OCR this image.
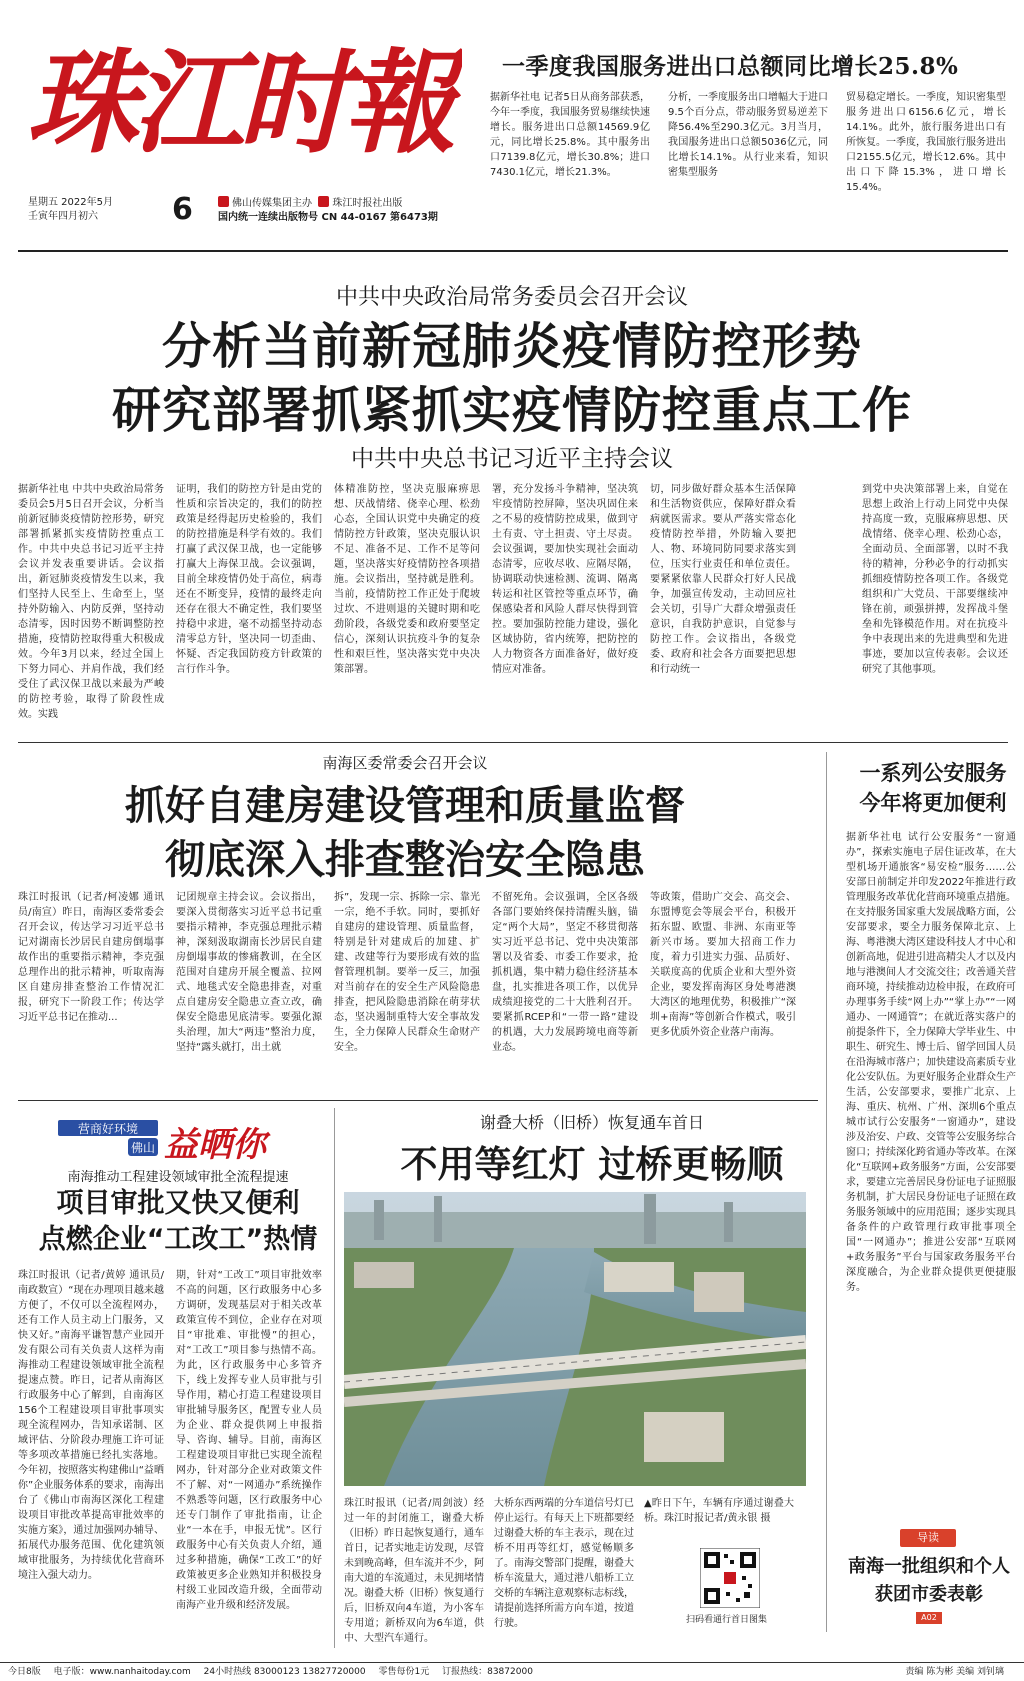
珠江时報
星期五 2022年5月
壬寅年四月初六	6	佛山传媒集团主办 珠江时报社出版
国内统一连续出版物号 CN 44-0167 第6473期
一季度我国服务进出口总额同比增长25.8%
据新华社电 记者5日从商务部获悉，今年一季度，我国服务贸易继续快速增长。服务进出口总额14569.9亿元，同比增长25.8%。其中服务出口7139.8亿元，增长30.8%；进口7430.1亿元，增长21.3%。
分析，一季度服务出口增幅大于进口9.5个百分点，带动服务贸易逆差下降56.4%至290.3亿元。3月当月，我国服务进出口总额5036亿元，同比增长14.1%。从行业来看，知识密集型服务
贸易稳定增长。一季度，知识密集型服务进出口6156.6亿元，增长14.1%。此外，旅行服务进出口有所恢复。一季度，我国旅行服务进出口2155.5亿元，增长12.6%。其中出口下降15.3%，进口增长15.4%。
中共中央政治局常务委员会召开会议
分析当前新冠肺炎疫情防控形势
研究部署抓紧抓实疫情防控重点工作
中共中央总书记习近平主持会议
据新华社电 中共中央政治局常务委员会5月5日召开会议，分析当前新冠肺炎疫情防控形势，研究部署抓紧抓实疫情防控重点工作。中共中央总书记习近平主持会议并发表重要讲话。会议指出，新冠肺炎疫情发生以来，我们坚持人民至上、生命至上，坚持外防输入、内防反弹，坚持动态清零，因时因势不断调整防控措施，疫情防控取得重大积极成效。今年3月以来，经过全国上下努力同心、并肩作战，我们经受住了武汉保卫战以来最为严峻的防控考验，取得了阶段性成效。实践
证明，我们的防控方针是由党的性质和宗旨决定的，我们的防控政策是经得起历史检验的，我们的防控措施是科学有效的。我们打赢了武汉保卫战，也一定能够打赢大上海保卫战。会议强调，目前全球疫情仍处于高位，病毒还在不断变异，疫情的最终走向还存在很大不确定性，我们要坚持稳中求进，毫不动摇坚持动态清零总方针，坚决同一切歪曲、怀疑、否定我国防疫方针政策的言行作斗争。
体精准防控，坚决克服麻痹思想、厌战情绪、侥幸心理、松劲心态，全国认识党中央确定的疫情防控方针政策，坚决克服认识不足、准备不足、工作不足等问题，坚决落实好疫情防控各项措施。会议指出，坚持就是胜利。当前，疫情防控工作正处于爬坡过坎、不进则退的关键时期和吃劲阶段，各级党委和政府要坚定信心，深刻认识抗疫斗争的复杂性和艰巨性，坚决落实党中央决策部署。
署，充分发扬斗争精神，坚决筑牢疫情防控屏障，坚决巩固住来之不易的疫情防控成果，做到守土有责、守土担责、守土尽责。会议强调，要加快实现社会面动态清零，应收尽收、应隔尽隔，协调联动快速检测、流调、隔离转运和社区管控等重点环节，确保感染者和风险人群尽快得到管控。要加强防控能力建设，强化区域协防，省内统筹，把防控的人力物资各方面准备好，做好疫情应对准备。
切，同步做好群众基本生活保障和生活物资供应，保障好群众看病就医需求。要从严落实常态化疫情防控举措，外防输入要把人、物、环境同防同要求落实到位，压实行业责任和单位责任。要紧紧依靠人民群众打好人民战争，加强宣传发动，主动回应社会关切，引导广大群众增强责任意识，自我防护意识，自觉参与防控工作。会议指出，各级党委、政府和社会各方面要把思想和行动统一
到党中央决策部署上来，自觉在思想上政治上行动上同党中央保持高度一致，克服麻痹思想、厌战情绪、侥幸心理、松劲心态，全面动员、全面部署，以时不我待的精神，分秒必争的行动抓实抓细疫情防控各项工作。各级党组织和广大党员、干部要继续冲锋在前，顽强拼搏，发挥战斗堡垒和先锋模范作用。对在抗疫斗争中表现出来的先进典型和先进事迹，要加以宣传表彰。会议还研究了其他事项。
南海区委常委会召开会议
抓好自建房建设管理和质量监督
彻底深入排查整治安全隐患
珠江时报讯（记者/柯凌娜 通讯员/南宣）昨日，南海区委常委会召开会议，传达学习习近平总书记对湖南长沙居民自建房倒塌事故作出的重要指示精神，李克强总理作出的批示精神，听取南海区自建房排查整治工作情况汇报，研究下一阶段工作；传达学习近平总书记在推动...
记团规章主持会议。会议指出，要深入贯彻落实习近平总书记重要指示精神，李克强总理批示精神，深刻汲取湖南长沙居民自建房倒塌事故的惨痛教训，在全区范围对自建房开展全覆盖、拉网式、地毯式安全隐患排查，对重点自建房安全隐患立查立改，确保安全隐患见底清零。要强化源头治理，加大“两违”整治力度，坚持“露头就打，出土就
拆”，发现一宗、拆除一宗、靠光一宗，绝不手软。同时，要抓好自建房的建设管理、质量监督，特别是针对建成后的加建、扩建、改建等行为要形成有效的监督管理机制。要举一反三，加强对当前存在的安全生产风险隐患排查，把风险隐患消除在萌芽状态，坚决遏制重特大安全事故发生，全力保障人民群众生命财产安全。
不留死角。会议强调，全区各级各部门要始终保持清醒头脑，锚定“两个大局”，坚定不移贯彻落实习近平总书记、党中央决策部署以及省委、市委工作要求，抢抓机遇，集中精力稳住经济基本盘，扎实推进各项工作，以优异成绩迎接党的二十大胜利召开。要紧抓RCEP和“一带一路”建设的机遇，大力发展跨境电商等新业态。
等政策，借助广交会、高交会、东盟博览会等展会平台，积极开拓东盟、欧盟、非洲、东南亚等新兴市场。要加大招商工作力度，着力引进实力强、品质好、关联度高的优质企业和大型外资企业，要发挥南海区身处粤港澳大湾区的地理优势，积极推广“深圳+南海”等创新合作模式，吸引更多优质外资企业落户南海。
一系列公安服务
今年将更加便利
据新华社电 试行公安服务“一窗通办”，探索实施电子居住证改革，在大型机场开通旅客“易安检”服务……公安部日前制定并印发2022年推进行政管理服务改革优化营商环境重点措施。在支持服务国家重大发展战略方面，公安部要求，要全力服务保障北京、上海、粤港澳大湾区建设科技人才中心和创新高地，促进引进高精尖人才以及内地与港澳间人才交流交往；改善通关营商环境，持续推动边检申报，在政府可办理事务手续“网上办”“掌上办”“一网通办、一网通管”；在就近落实落户的前提条件下，全力保障大学毕业生、中职生、研究生、博士后、留学回国人员在沿海城市落户；加快建设高素质专业化公安队伍。为更好服务企业群众生产生活，公安部要求，要推广北京、上海、重庆、杭州、广州、深圳6个重点城市试行公安服务“一窗通办”，建设涉及治安、户政、交管等公安服务综合窗口；持续深化跨省通办等改革。在深化“互联网+政务服务”方面，公安部要求，要建立完善居民身份证电子证照服务机制，扩大居民身份证电子证照在政务服务领域中的应用范围；逐步实现具备条件的户政管理行政审批事项全国“一网通办”；推进公安部“互联网+政务服务”平台与国家政务服务平台深度融合，为企业群众提供更便捷服务。
营商好环境
佛山 益晒你
南海推动工程建设领域审批全流程提速
项目审批又快又便利
点燃企业“工改工”热情
珠江时报讯（记者/黄婷 通讯员/南政数宣）“现在办理项目越来越方便了，不仅可以全流程网办，还有工作人员主动上门服务，又快又好。”南海平谦智慧产业园开发有限公司有关负责人这样为南海推动工程建设领域审批全流程提速点赞。昨日，记者从南海区行政服务中心了解到，自南海区156个工程建设项目审批事项实现全流程网办，告知承诺制、区域评估、分阶段办理施工许可证等多项改革措施已经扎实落地。今年初，按照落实构建佛山“益晒你”企业服务体系的要求，南海出台了《佛山市南海区深化工程建设项目审批改革提高审批效率的实施方案》，通过加强网办辅导、拓展代办服务范围、优化建筑领域审批服务，为持续优化营商环境注入强大动力。
期，针对“工改工”项目审批效率不高的问题，区行政服务中心多方调研，发现基层对于相关改革政策宣传不到位，企业存在对项目“审批难、审批慢”的担心，对“工改工”项目参与热情不高。为此，区行政服务中心多管齐下，线上发挥专业人员审批与引导作用，精心打造工程建设项目审批辅导服务区，配置专业人员为企业、群众提供网上申报指导、咨询、辅导。目前，南海区工程建设项目审批已实现全流程网办，针对部分企业对政策文件不了解、对“一网通办”系统操作不熟悉等问题，区行政服务中心还专门制作了审批指南，让企业“一本在手，申报无忧”。区行政服务中心有关负责人介绍，通过多种措施，确保“工改工”的好政策被更多企业熟知并积极投身村级工业园改造升级，全面带动南海产业升级和经济发展。
谢叠大桥（旧桥）恢复通车首日
不用等红灯 过桥更畅顺
珠江时报讯（记者/周剑波）经过一年的封闭施工，谢叠大桥（旧桥）昨日起恢复通行，通车首日，记者实地走访发现，尽管未到晚高峰，但车流并不少，阿南大道的车流通过，未见拥堵情况。谢叠大桥（旧桥）恢复通行后，旧桥双向4车道，为小客车专用道；新桥双向为6车道，供中、大型汽车通行。
大桥东西两端的分车道信号灯已停止运行。有每天上下班都要经过谢叠大桥的车主表示，现在过桥不用再等红灯，感觉畅顺多了。南海交警部门提醒，谢叠大桥车流量大，通过港八船桥工立交桥的车辆注意观察标志标线，请提前选择所需方向车道，按道行驶。
▲昨日下午，车辆有序通过谢叠大桥。珠江时报记者/黄永银 摄
扫码看通行首日图集
导读
南海一批组织和个人
获团市委表彰
A02
今日8版 电子版：www.nanhaitoday.com 24小时热线 83000123 13827720000 零售每份1元 订报热线：83872000	责编 陈为彬 美编 刘钊璃
